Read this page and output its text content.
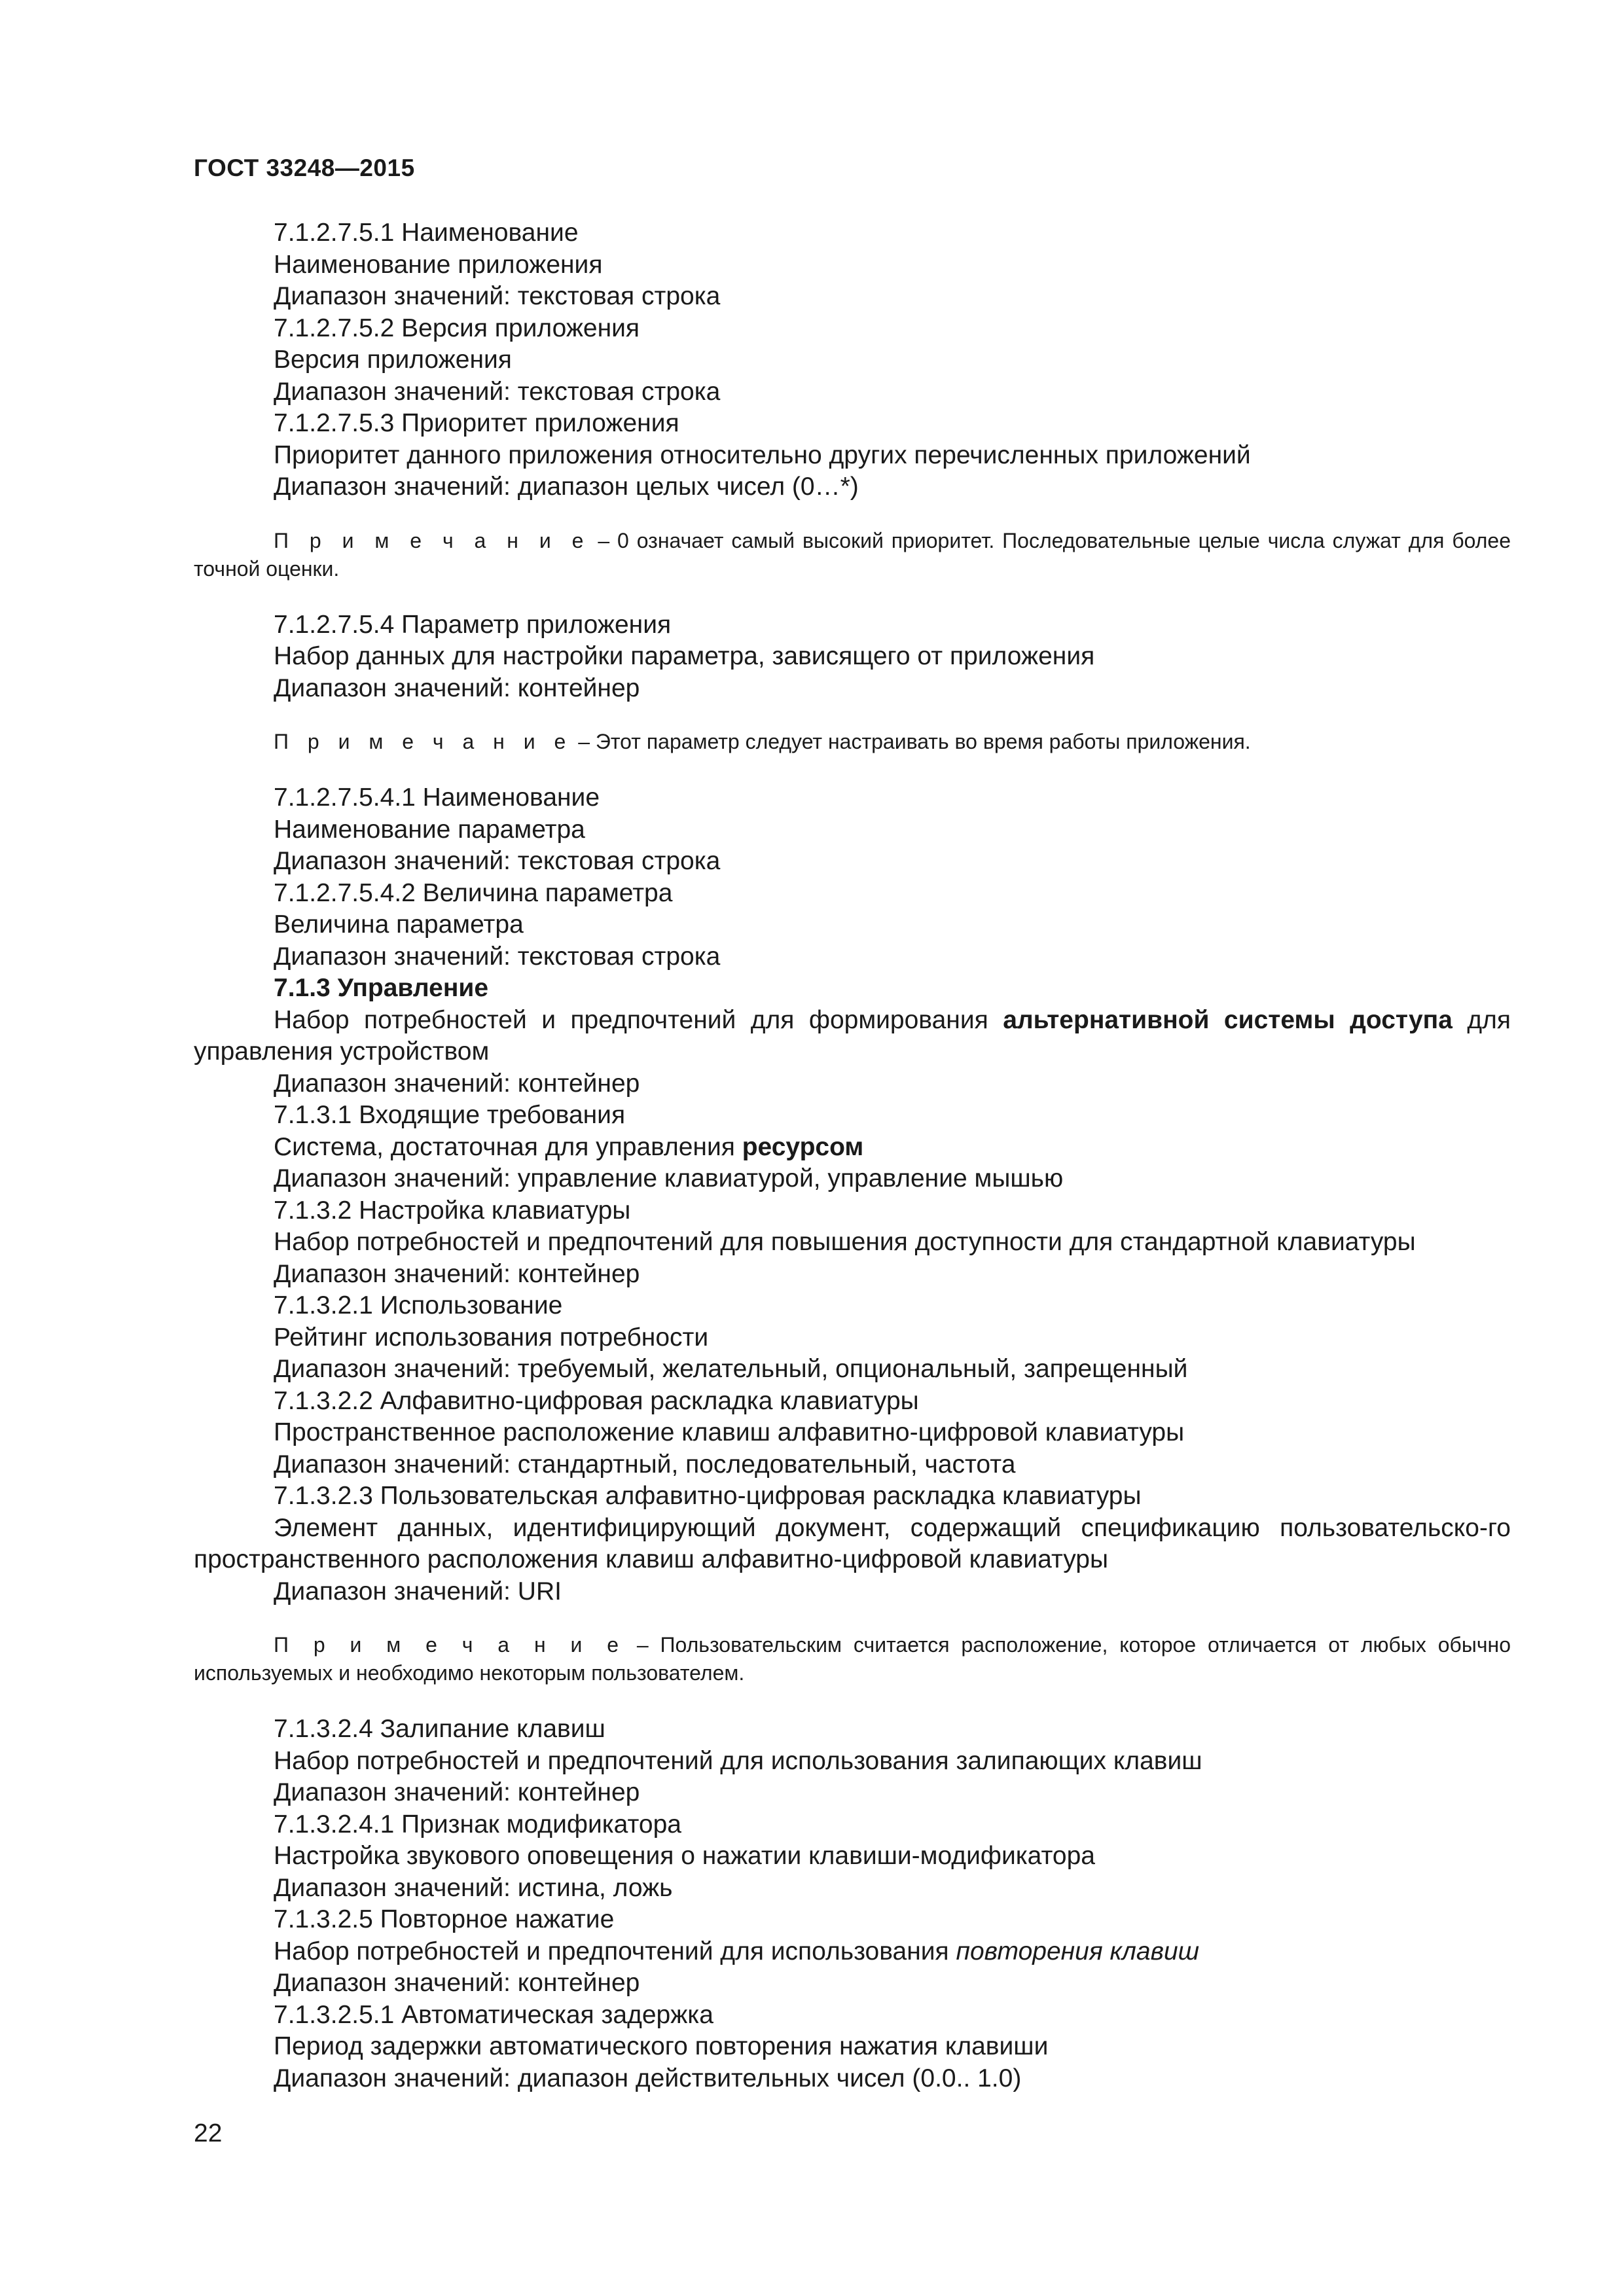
ГОСТ 33248—2015

7.1.2.7.5.1 Наименование

Наименование приложения

Диапазон значений: текстовая строка

7.1.2.7.5.2 Версия приложения

Версия приложения

Диапазон значений: текстовая строка

7.1.2.7.5.3 Приоритет приложения

Приоритет данного приложения относительно других перечисленных приложений

Диапазон значений: диапазон целых чисел (0…*)

П р и м е ч а н и е – 0 означает самый высокий приоритет. Последовательные целые числа служат для более точной оценки.

7.1.2.7.5.4 Параметр приложения

Набор данных для настройки параметра, зависящего от приложения

Диапазон значений: контейнер

П р и м е ч а н и е – Этот параметр следует настраивать во время работы приложения.

7.1.2.7.5.4.1 Наименование

Наименование параметра

Диапазон значений: текстовая строка

7.1.2.7.5.4.2 Величина параметра

Величина параметра

Диапазон значений: текстовая строка

7.1.3 Управление

Набор потребностей и предпочтений для формирования альтернативной системы доступа для управления устройством

Диапазон значений: контейнер

7.1.3.1 Входящие требования

Система, достаточная для управления ресурсом

Диапазон значений: управление клавиатурой, управление мышью

7.1.3.2 Настройка клавиатуры

Набор потребностей и предпочтений для повышения доступности для стандартной клавиатуры

Диапазон значений: контейнер

7.1.3.2.1 Использование

Рейтинг использования потребности

Диапазон значений: требуемый, желательный, опциональный, запрещенный

7.1.3.2.2 Алфавитно-цифровая раскладка клавиатуры

Пространственное расположение клавиш алфавитно-цифровой клавиатуры

Диапазон значений: стандартный, последовательный, частота

7.1.3.2.3 Пользовательская алфавитно-цифровая раскладка клавиатуры

Элемент данных, идентифицирующий документ, содержащий спецификацию пользовательско-го пространственного расположения клавиш алфавитно-цифровой клавиатуры

Диапазон значений: URI

П р и м е ч а н и е – Пользовательским считается расположение, которое отличается от любых обычно используемых и необходимо некоторым пользователем.

7.1.3.2.4 Залипание клавиш

Набор потребностей и предпочтений для использования залипающих клавиш

Диапазон значений: контейнер

7.1.3.2.4.1 Признак модификатора

Настройка звукового оповещения о нажатии клавиши-модификатора

Диапазон значений: истина, ложь

7.1.3.2.5 Повторное нажатие

Набор потребностей и предпочтений для использования повторения клавиш

Диапазон значений: контейнер

7.1.3.2.5.1 Автоматическая задержка

Период задержки автоматического повторения нажатия клавиши

Диапазон значений: диапазон действительных чисел (0.0.. 1.0)

22
